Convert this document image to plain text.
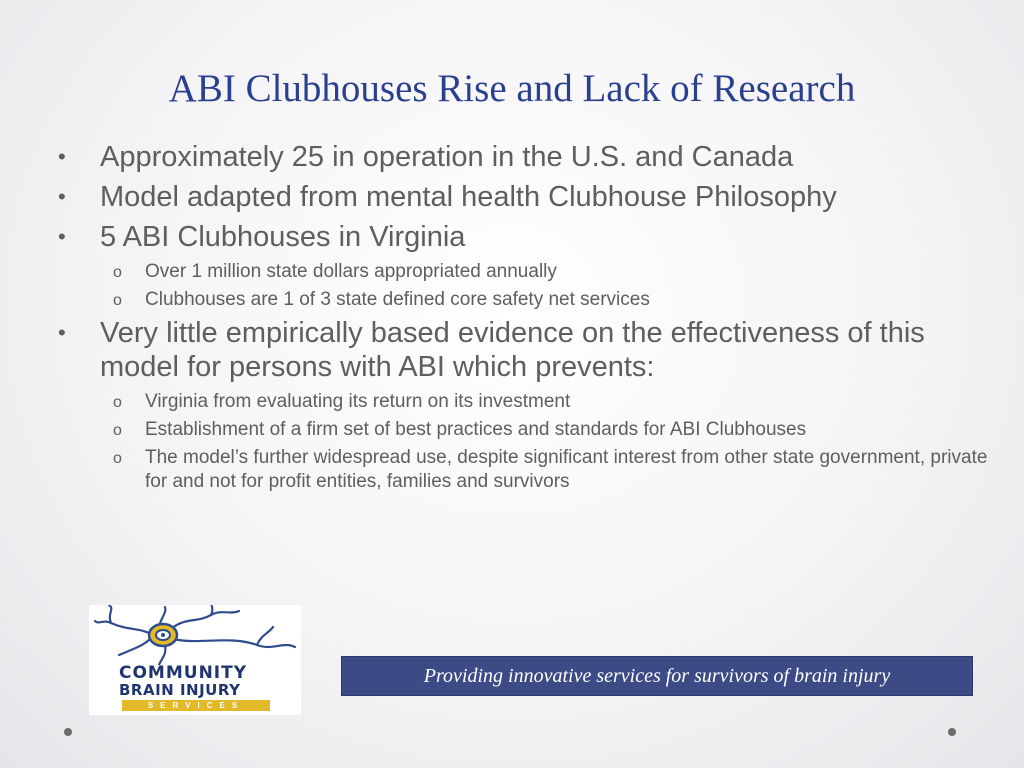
ABI Clubhouses Rise and Lack of Research
•	Approximately 25 in operation in the U.S. and Canada
•	Model adapted from mental health Clubhouse Philosophy
•	5 ABI Clubhouses in Virginia
o Over 1 million state dollars appropriated annually
o Clubhouses are 1 of 3 state defined core safety net services
•	Very little empirically based evidence on the effectiveness of this model for persons with ABI which prevents:
o Virginia from evaluating its return on its investment
o Establishment of a firm set of best practices and standards for ABI Clubhouses
o The model’s further widespread use, despite significant interest from other state government, private for and not for profit entities, families and survivors
COMMUNITY
BRAIN INJURY
SERVICES
Providing innovative services for survivors of brain injury
